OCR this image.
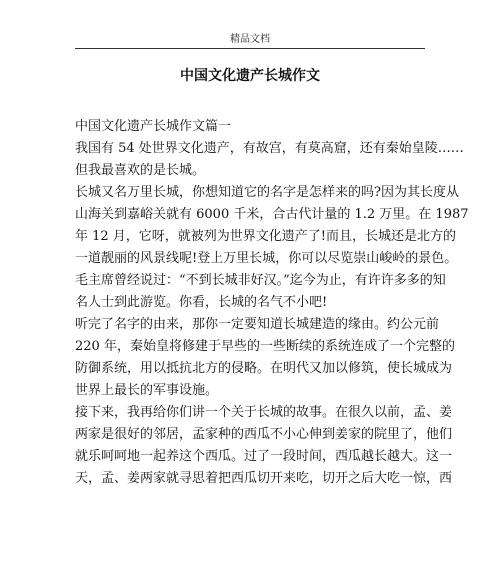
精品文档
中国文化遗产长城作文
中国文化遗产长城作文篇一
我国有 54 处世界文化遗产，有故宫，有莫高窟，还有秦始皇陵……
但我最喜欢的是长城。
长城又名万里长城，你想知道它的名字是怎样来的吗?因为其长度从
山海关到嘉峪关就有 6000 千米，合古代计量的 1.2 万里。在 1987
年 12 月，它呀，就被列为世界文化遗产了!而且，长城还是北方的
一道靓丽的风景线呢!登上万里长城，你可以尽览崇山峻岭的景色。
毛主席曾经说过：“不到长城非好汉。”迄今为止，有许许多多的知
名人士到此游览。你看，长城的名气不小吧!
听完了名字的由来，那你一定要知道长城建造的缘由。约公元前
220 年，秦始皇将修建于早些的一些断续的系统连成了一个完整的
防御系统，用以抵抗北方的侵略。在明代又加以修筑，使长城成为
世界上最长的军事设施。
接下来，我再给你们讲一个关于长城的故事。在很久以前，孟、姜
两家是很好的邻居，孟家种的西瓜不小心伸到姜家的院里了，他们
就乐呵呵地一起养这个西瓜。过了一段时间，西瓜越长越大。这一
天，孟、姜两家就寻思着把西瓜切开来吃，切开之后大吃一惊，西
